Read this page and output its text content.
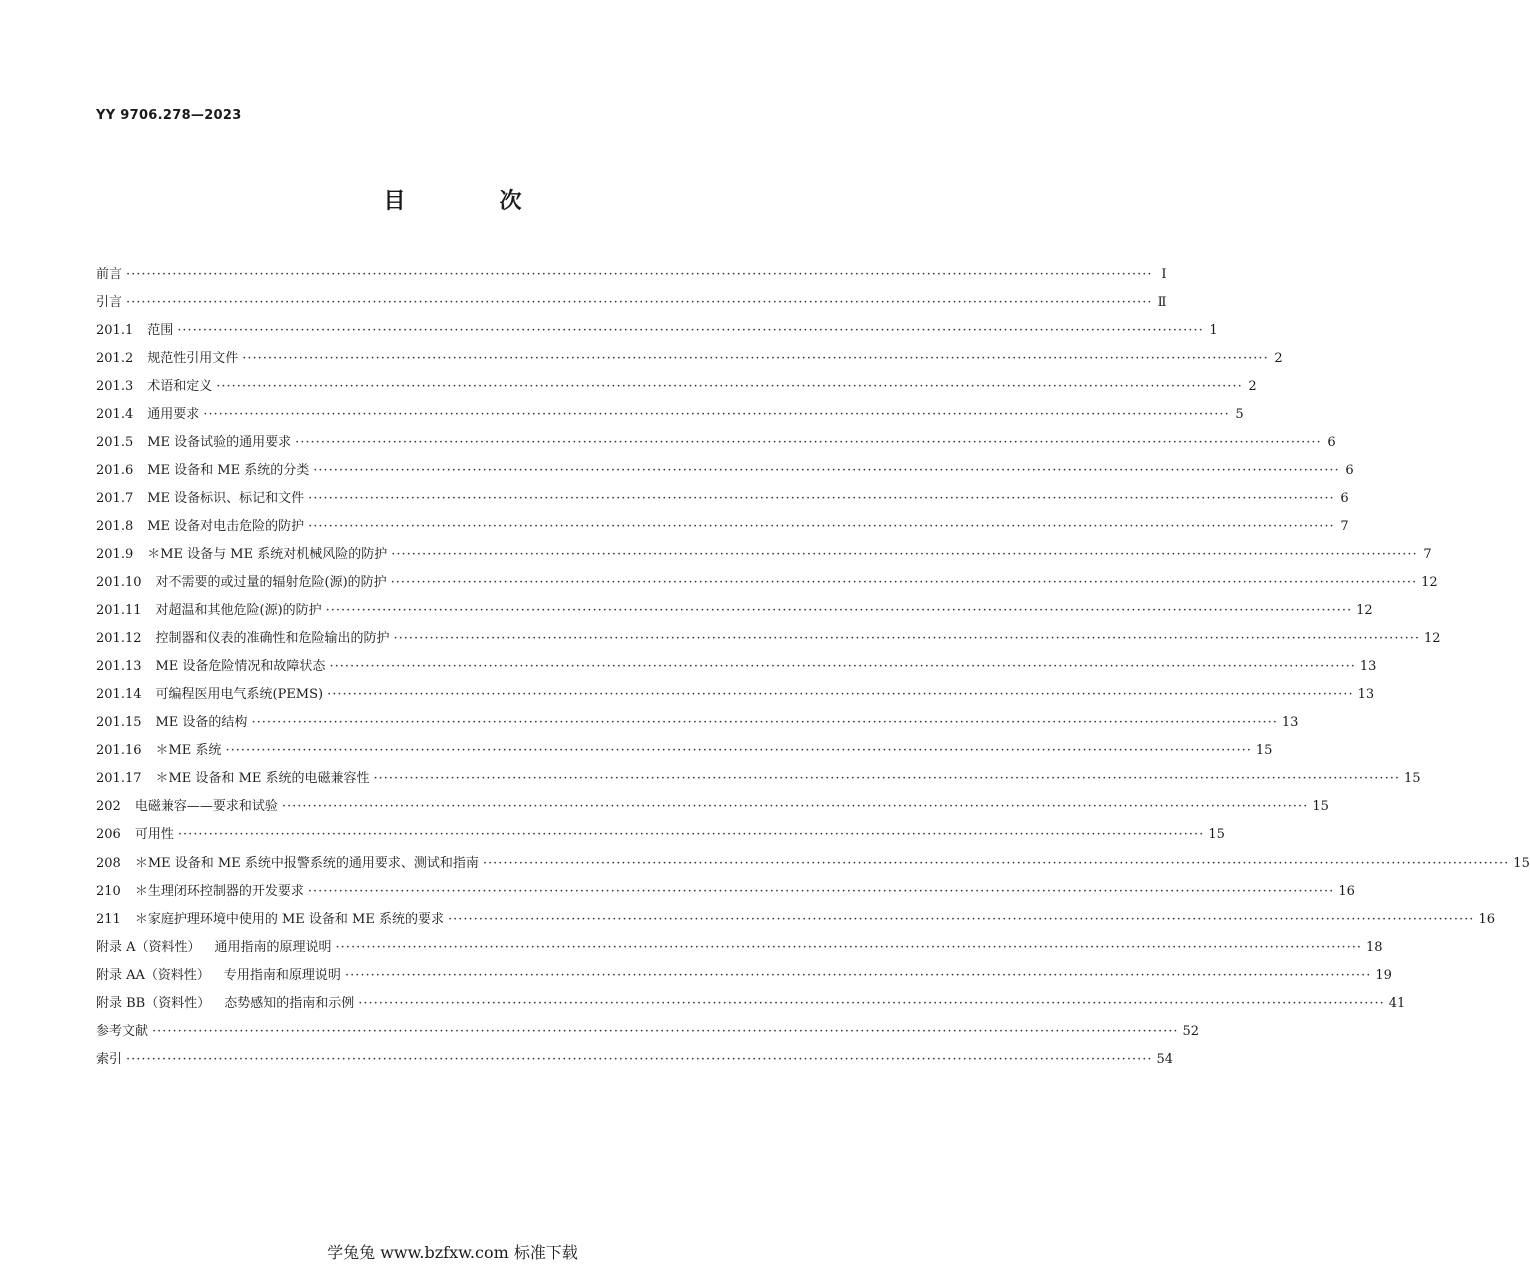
YY 9706.278—2023
目　次
前言 ········································································································································································································ Ⅰ
引言 ········································································································································································································ Ⅱ
201.1 范围 ········································································································································································································ 1
201.2 规范性引用文件 ········································································································································································································ 2
201.3 术语和定义 ········································································································································································································ 2
201.4 通用要求 ········································································································································································································ 5
201.5 ME 设备试验的通用要求 ········································································································································································································ 6
201.6 ME 设备和 ME 系统的分类 ········································································································································································································ 6
201.7 ME 设备标识、标记和文件 ········································································································································································································ 6
201.8 ME 设备对电击危险的防护 ········································································································································································································ 7
201.9 ＊ME 设备与 ME 系统对机械风险的防护 ········································································································································································································ 7
201.10 对不需要的或过量的辐射危险(源)的防护 ········································································································································································································ 12
201.11 对超温和其他危险(源)的防护 ········································································································································································································ 12
201.12 控制器和仪表的准确性和危险输出的防护 ········································································································································································································ 12
201.13 ME 设备危险情况和故障状态 ········································································································································································································ 13
201.14 可编程医用电气系统(PEMS) ········································································································································································································ 13
201.15 ME 设备的结构 ········································································································································································································ 13
201.16 ＊ME 系统 ········································································································································································································ 15
201.17 ＊ME 设备和 ME 系统的电磁兼容性 ········································································································································································································ 15
202 电磁兼容——要求和试验 ········································································································································································································ 15
206 可用性 ········································································································································································································ 15
208 ＊ME 设备和 ME 系统中报警系统的通用要求、测试和指南 ········································································································································································································ 15
210 ＊生理闭环控制器的开发要求 ········································································································································································································ 16
211 ＊家庭护理环境中使用的 ME 设备和 ME 系统的要求 ········································································································································································································ 16
附录 A（资料性） 通用指南的原理说明 ········································································································································································································ 18
附录 AA（资料性） 专用指南和原理说明 ········································································································································································································ 19
附录 BB（资料性） 态势感知的指南和示例 ········································································································································································································ 41
参考文献 ········································································································································································································ 52
索引 ········································································································································································································ 54
学兔兔 www.bzfxw.com 标准下载
